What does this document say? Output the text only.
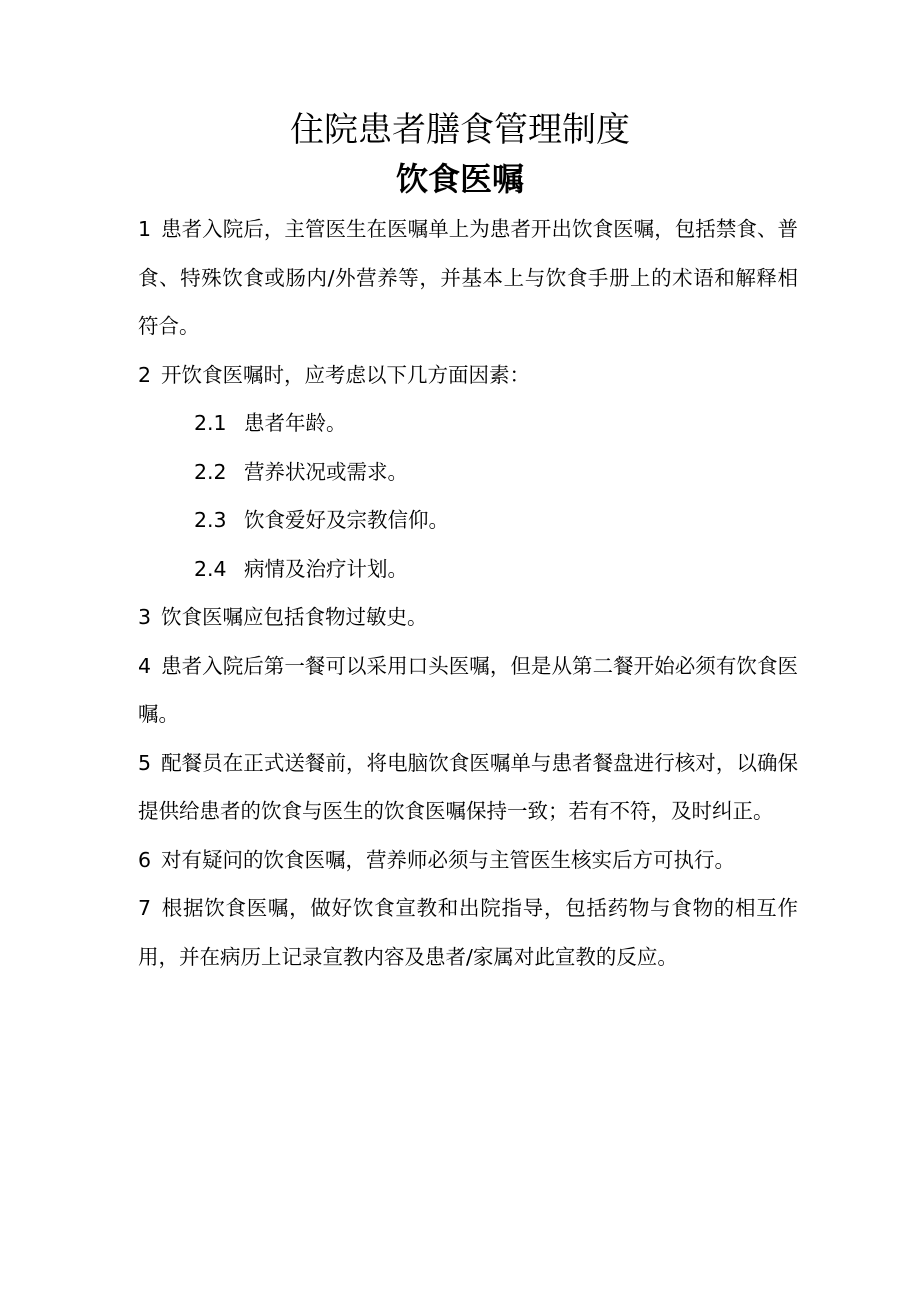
住院患者膳食管理制度
饮食医嘱

1 患者入院后，主管医生在医嘱单上为患者开出饮食医嘱，包括禁食、普食、特殊饮食或肠内/外营养等，并基本上与饮食手册上的术语和解释相符合。

2 开饮食医嘱时，应考虑以下几方面因素：

2.1 患者年龄。

2.2 营养状况或需求。

2.3 饮食爱好及宗教信仰。

2.4 病情及治疗计划。

3 饮食医嘱应包括食物过敏史。

4 患者入院后第一餐可以采用口头医嘱，但是从第二餐开始必须有饮食医嘱。

5 配餐员在正式送餐前，将电脑饮食医嘱单与患者餐盘进行核对，以确保提供给患者的饮食与医生的饮食医嘱保持一致；若有不符，及时纠正。

6 对有疑问的饮食医嘱，营养师必须与主管医生核实后方可执行。

7 根据饮食医嘱，做好饮食宣教和出院指导，包括药物与食物的相互作用，并在病历上记录宣教内容及患者/家属对此宣教的反应。
